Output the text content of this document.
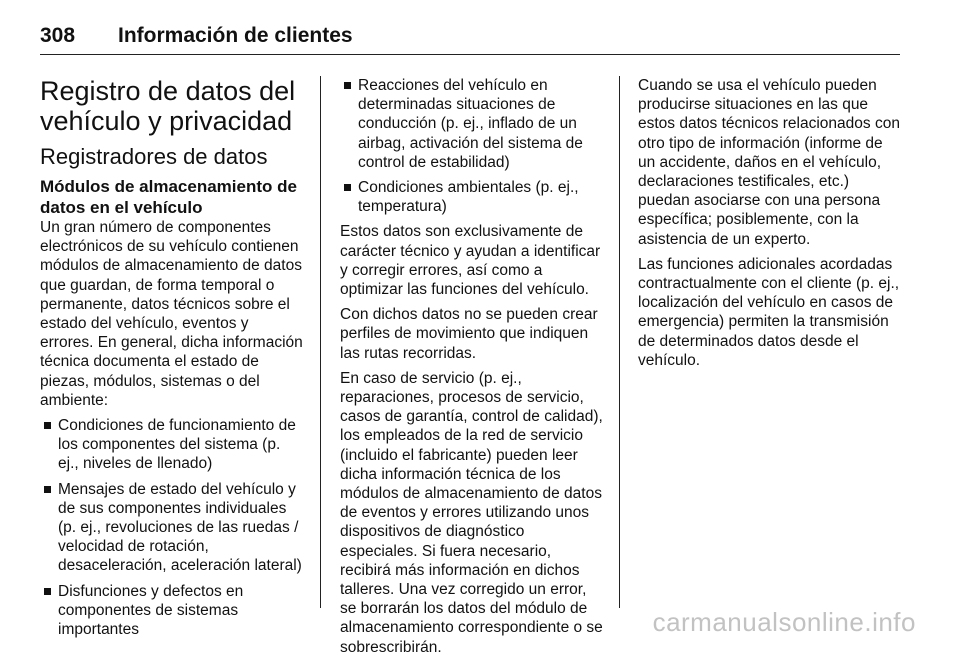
308	Información de clientes
Registro de datos del vehículo y privacidad
Registradores de datos
Módulos de almacenamiento de datos en el vehículo

Un gran número de componentes electrónicos de su vehículo contienen módulos de almacenamiento de datos que guardan, de forma temporal o permanente, datos técnicos sobre el estado del vehículo, eventos y errores. En general, dicha información técnica documenta el estado de piezas, módulos, sistemas o del ambiente:

Condiciones de funcionamiento de los componentes del sistema (p. ej., niveles de llenado)
Mensajes de estado del vehículo y de sus componentes individuales (p. ej., revoluciones de las ruedas / velocidad de rotación, desaceleración, aceleración lateral)
Disfunciones y defectos en componentes de sistemas importantes
Reacciones del vehículo en determinadas situaciones de conducción (p. ej., inflado de un airbag, activación del sistema de control de estabilidad)
Condiciones ambientales (p. ej., temperatura)

Estos datos son exclusivamente de carácter técnico y ayudan a identificar y corregir errores, así como a optimizar las funciones del vehículo.

Con dichos datos no se pueden crear perfiles de movimiento que indiquen las rutas recorridas.

En caso de servicio (p. ej., reparaciones, procesos de servicio, casos de garantía, control de calidad), los empleados de la red de servicio (incluido el fabricante) pueden leer dicha información técnica de los módulos de almacenamiento de datos de eventos y errores utilizando unos dispositivos de diagnóstico especiales. Si fuera necesario, recibirá más información en dichos talleres. Una vez corregido un error, se borrarán los datos del módulo de almacenamiento correspondiente o se sobrescribirán.

Cuando se usa el vehículo pueden producirse situaciones en las que estos datos técnicos relacionados con otro tipo de información (informe de un accidente, daños en el vehículo, declaraciones testificales, etc.) puedan asociarse con una persona específica; posiblemente, con la asistencia de un experto.

Las funciones adicionales acordadas contractualmente con el cliente (p. ej., localización del vehículo en casos de emergencia) permiten la transmisión de determinados datos desde el vehículo.

carmanualsonline.info
